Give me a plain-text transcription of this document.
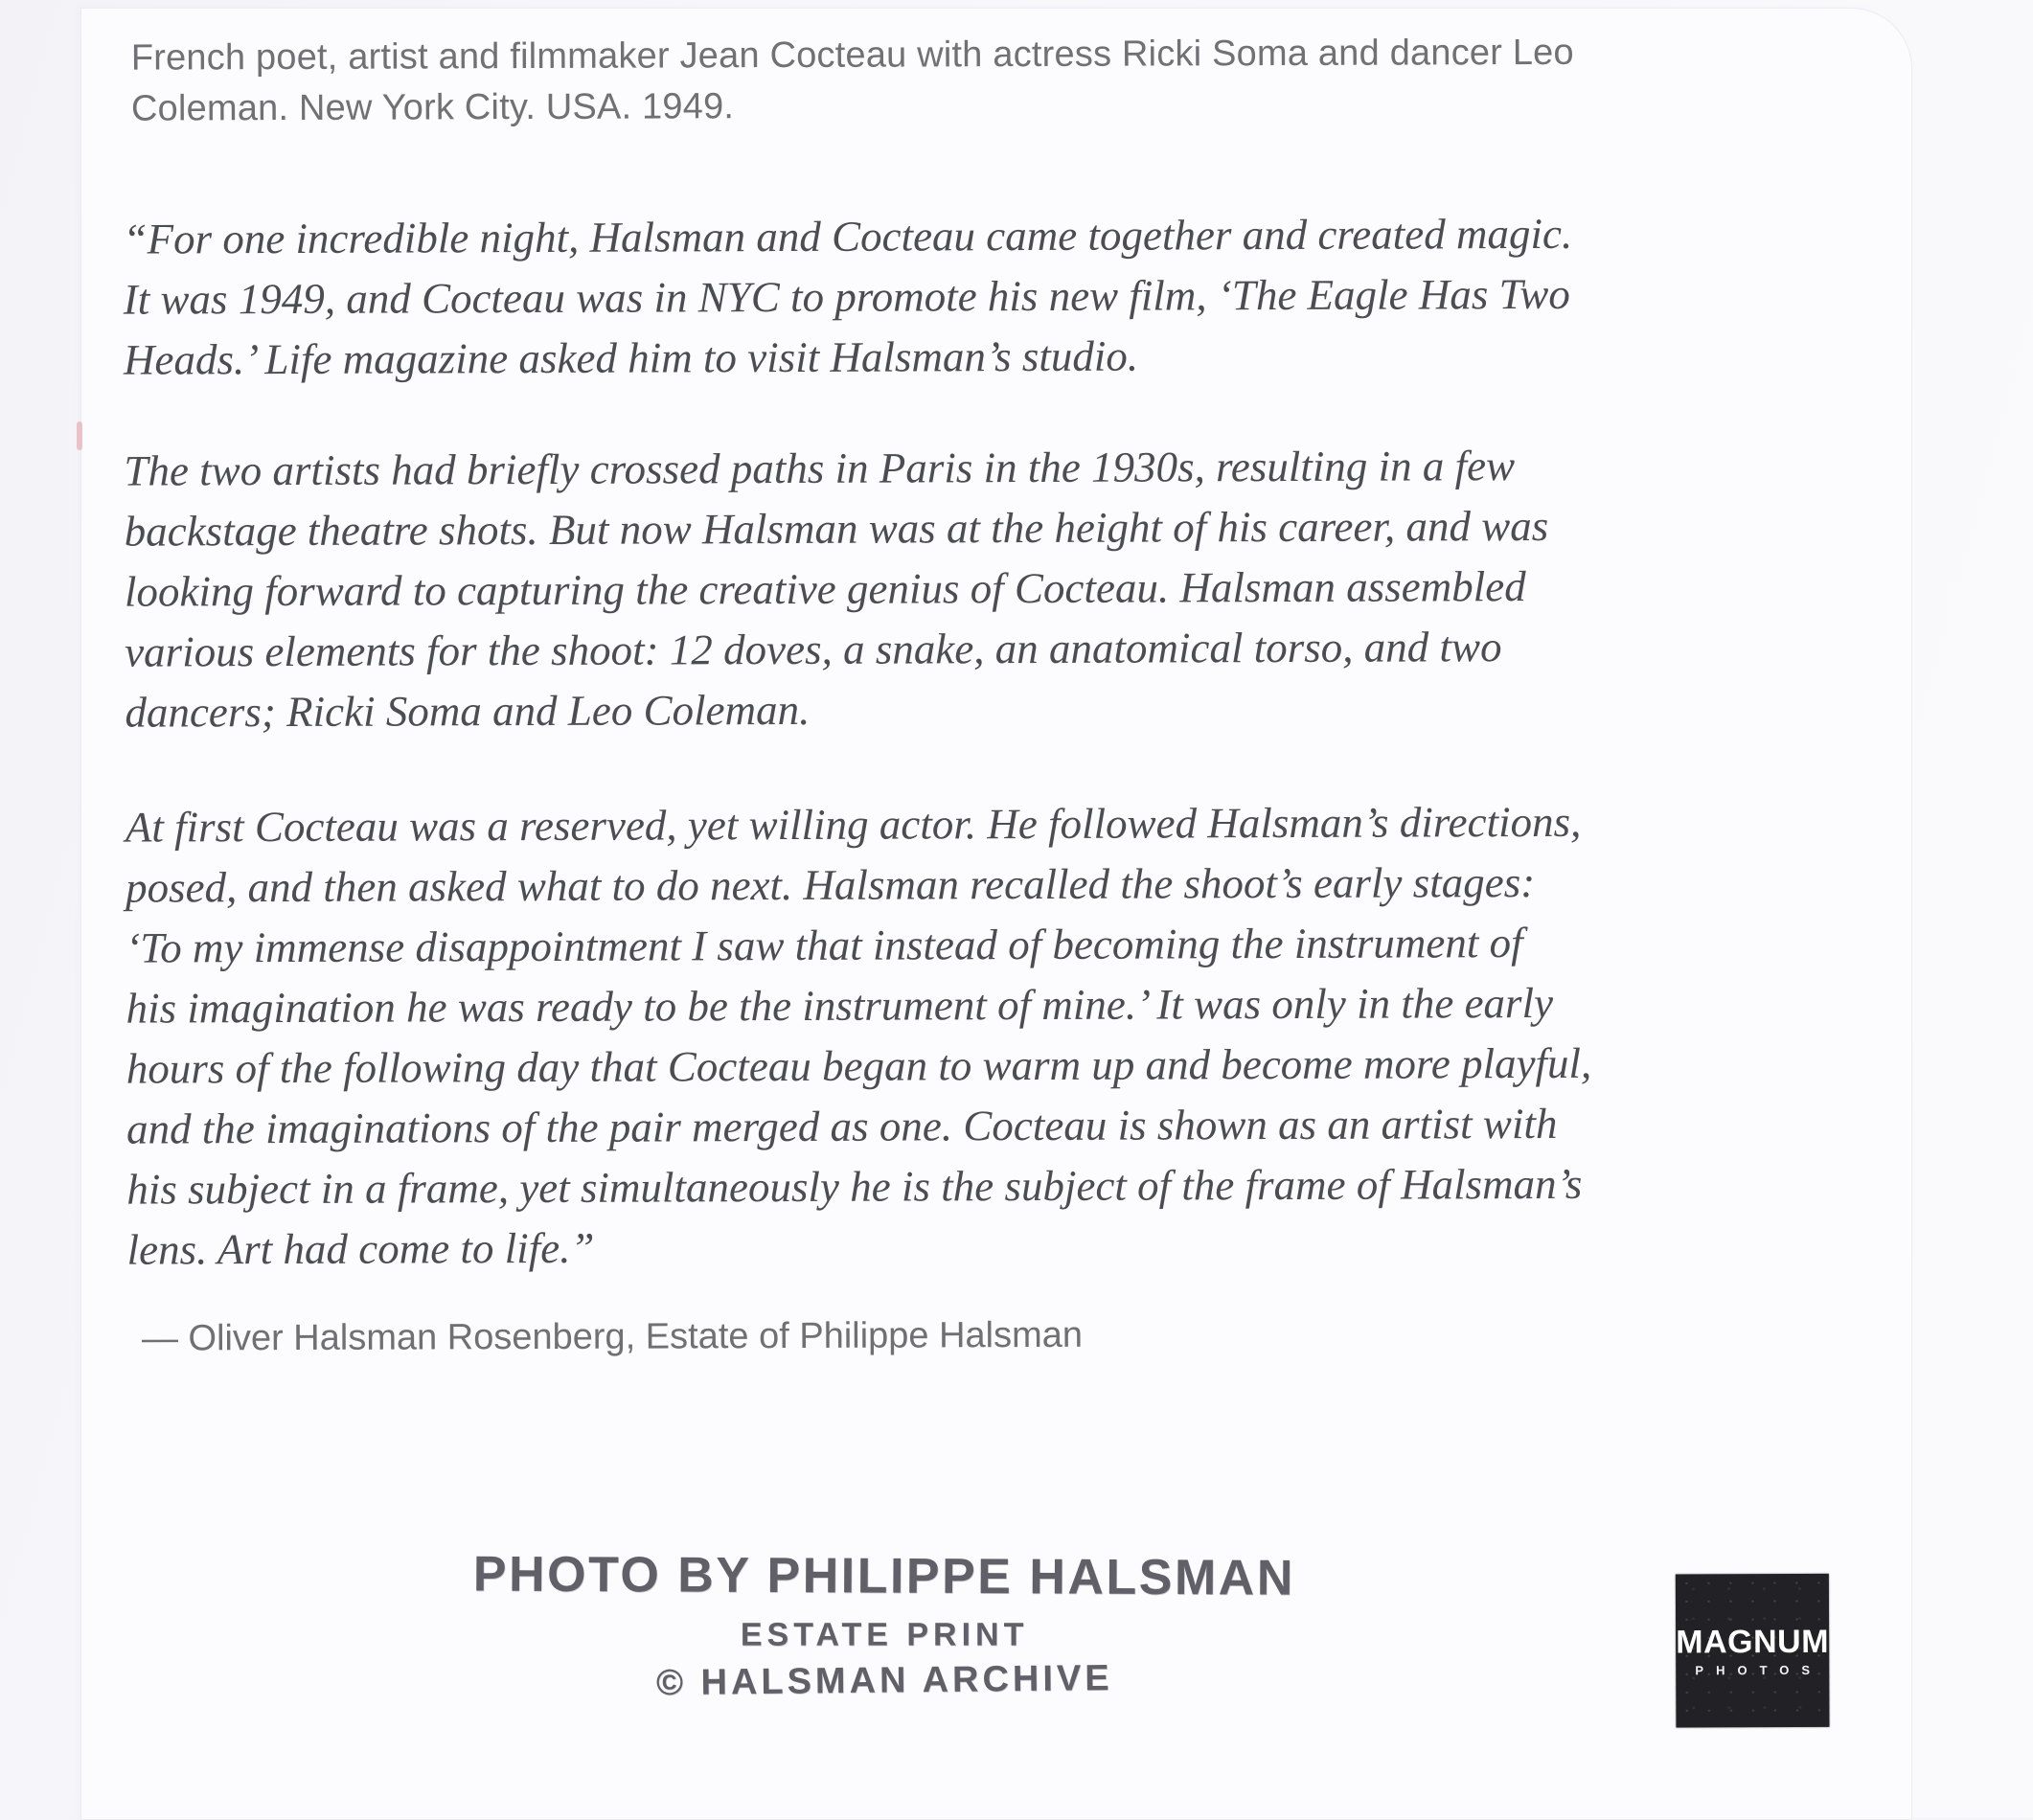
French poet, artist and filmmaker Jean Cocteau with actress Ricki Soma and dancer Leo
Coleman. New York City. USA. 1949.
“For one incredible night, Halsman and Cocteau came together and created magic.
It was 1949, and Cocteau was in NYC to promote his new film, ‘The Eagle Has Two
Heads.’ Life magazine asked him to visit Halsman’s studio.
The two artists had briefly crossed paths in Paris in the 1930s, resulting in a few
backstage theatre shots. But now Halsman was at the height of his career, and was
looking forward to capturing the creative genius of Cocteau. Halsman assembled
various elements for the shoot: 12 doves, a snake, an anatomical torso, and two
dancers; Ricki Soma and Leo Coleman.
At first Cocteau was a reserved, yet willing actor. He followed Halsman’s directions,
posed, and then asked what to do next. Halsman recalled the shoot’s early stages:
‘To my immense disappointment I saw that instead of becoming the instrument of
his imagination he was ready to be the instrument of mine.’ It was only in the early
hours of the following day that Cocteau began to warm up and become more playful,
and the imaginations of the pair merged as one. Cocteau is shown as an artist with
his subject in a frame, yet simultaneously he is the subject of the frame of Halsman’s
lens. Art had come to life.”
— Oliver Halsman Rosenberg, Estate of Philippe Halsman
PHOTO BY PHILIPPE HALSMAN
ESTATE PRINT
© HALSMAN ARCHIVE
MAGNUM
PHOTOS
